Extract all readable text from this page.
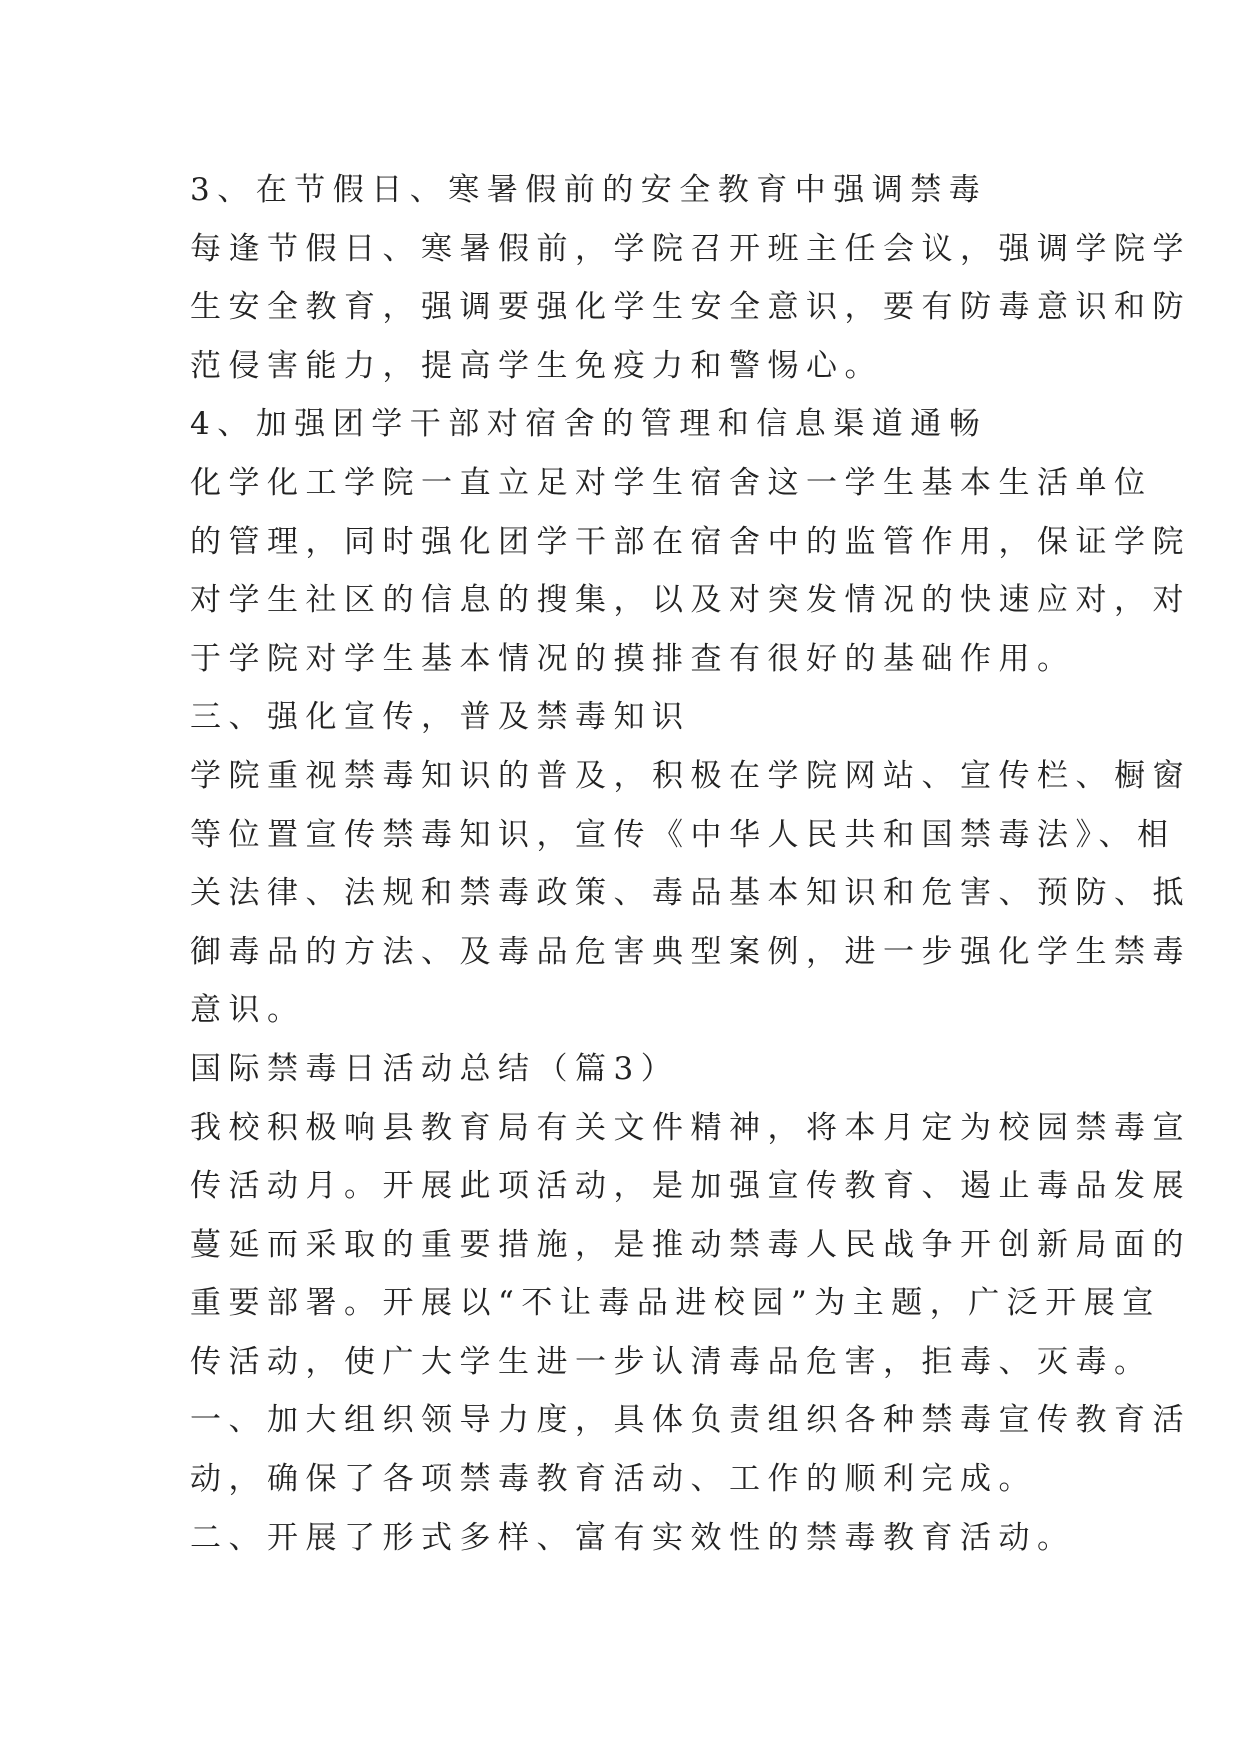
3、在节假日、寒暑假前的安全教育中强调禁毒
每逢节假日、寒暑假前，学院召开班主任会议，强调学院学
生安全教育，强调要强化学生安全意识，要有防毒意识和防
范侵害能力，提高学生免疫力和警惕心。
4、加强团学干部对宿舍的管理和信息渠道通畅
化学化工学院一直立足对学生宿舍这一学生基本生活单位
的管理，同时强化团学干部在宿舍中的监管作用，保证学院
对学生社区的信息的搜集，以及对突发情况的快速应对，对
于学院对学生基本情况的摸排查有很好的基础作用。
三、强化宣传，普及禁毒知识
学院重视禁毒知识的普及，积极在学院网站、宣传栏、橱窗
等位置宣传禁毒知识，宣传《中华人民共和国禁毒法》、相
关法律、法规和禁毒政策、毒品基本知识和危害、预防、抵
御毒品的方法、及毒品危害典型案例，进一步强化学生禁毒
意识。
国际禁毒日活动总结（篇3）
我校积极响县教育局有关文件精神，将本月定为校园禁毒宣
传活动月。开展此项活动，是加强宣传教育、遏止毒品发展
蔓延而采取的重要措施，是推动禁毒人民战争开创新局面的
重要部署。开展以“不让毒品进校园”为主题，广泛开展宣
传活动，使广大学生进一步认清毒品危害，拒毒、灭毒。
一、加大组织领导力度，具体负责组织各种禁毒宣传教育活
动，确保了各项禁毒教育活动、工作的顺利完成。
二、开展了形式多样、富有实效性的禁毒教育活动。
